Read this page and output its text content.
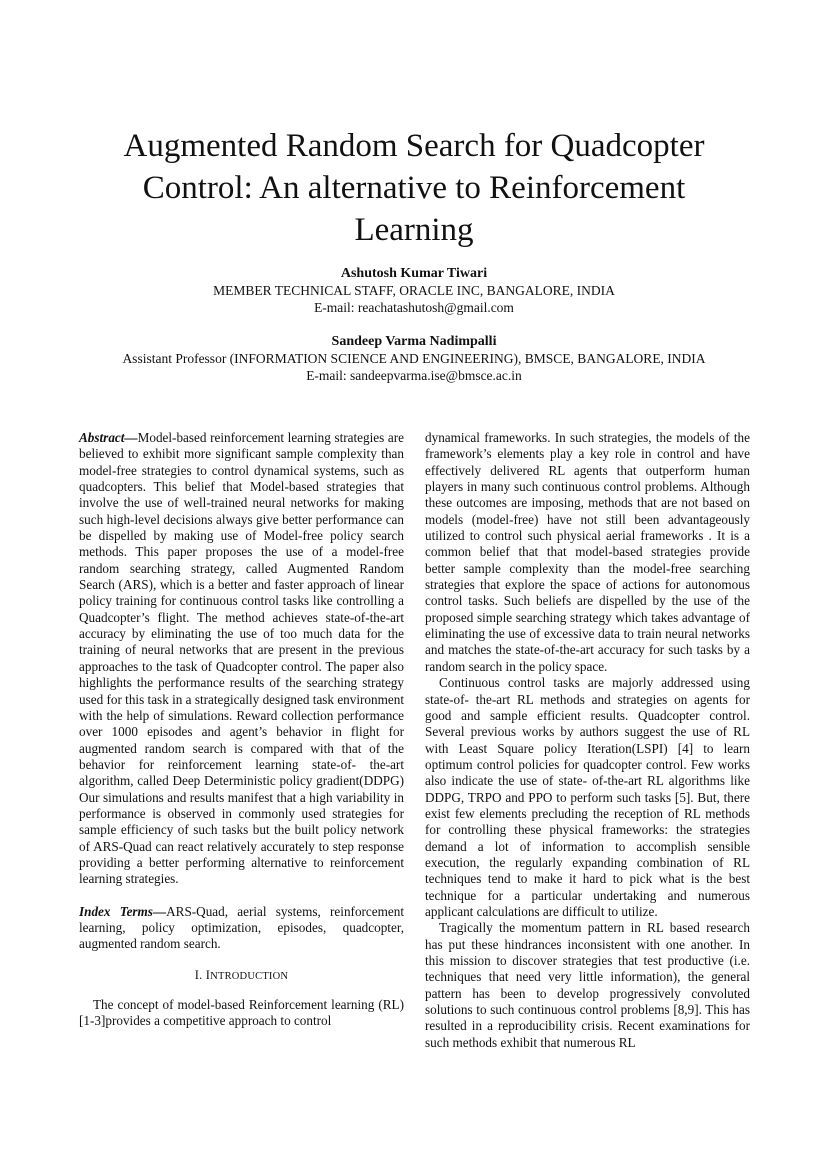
Augmented Random Search for Quadcopter
Control: An alternative to Reinforcement
Learning
Ashutosh Kumar Tiwari
MEMBER TECHNICAL STAFF, ORACLE INC, BANGALORE, INDIA
E-mail: reachatashutosh@gmail.com
Sandeep Varma Nadimpalli
Assistant Professor (INFORMATION SCIENCE AND ENGINEERING), BMSCE, BANGALORE, INDIA
E-mail: sandeepvarma.ise@bmsce.ac.in

Abstract—Model-based reinforcement learning strategies are believed to exhibit more significant sample complexity than model-free strategies to control dynamical systems, such as quadcopters. This belief that Model-based strategies that involve the use of well-trained neural networks for making such high-level decisions always give better performance can be dispelled by making use of Model-free policy search methods. This paper proposes the use of a model-free random searching strategy, called Augmented Random Search (ARS), which is a better and faster approach of linear policy training for continuous control tasks like controlling a Quadcopter’s flight. The method achieves state-of-the-art accuracy by eliminating the use of too much data for the training of neural networks that are present in the previous approaches to the task of Quadcopter control. The paper also highlights the performance results of the searching strategy used for this task in a strategically designed task environment with the help of simulations. Reward collection performance over 1000 episodes and agent’s behavior in flight for augmented random search is compared with that of the behavior for reinforcement learning state-of- the-art algorithm, called Deep Deterministic policy gradient(DDPG) Our simulations and results manifest that a high variability in performance is observed in commonly used strategies for sample efficiency of such tasks but the built policy network of ARS-Quad can react relatively accurately to step response providing a better performing alternative to reinforcement learning strategies.

Index Terms—ARS-Quad, aerial systems, reinforcement learning, policy optimization, episodes, quadcopter, augmented random search.

I. INTRODUCTION

The concept of model-based Reinforcement learning (RL) [1-3]provides a competitive approach to control

dynamical frameworks. In such strategies, the models of the framework’s elements play a key role in control and have effectively delivered RL agents that outperform human players in many such continuous control problems. Although these outcomes are imposing, methods that are not based on models (model-free) have not still been advantageously utilized to control such physical aerial frameworks . It is a common belief that that model-based strategies provide better sample complexity than the model-free searching strategies that explore the space of actions for autonomous control tasks. Such beliefs are dispelled by the use of the proposed simple searching strategy which takes advantage of eliminating the use of excessive data to train neural networks and matches the state-of-the-art accuracy for such tasks by a random search in the policy space.

Continuous control tasks are majorly addressed using state-of- the-art RL methods and strategies on agents for good and sample efficient results. Quadcopter control. Several previous works by authors suggest the use of RL with Least Square policy Iteration(LSPI) [4] to learn optimum control policies for quadcopter control. Few works also indicate the use of state- of-the-art RL algorithms like DDPG, TRPO and PPO to perform such tasks [5]. But, there exist few elements precluding the reception of RL methods for controlling these physical frameworks: the strategies demand a lot of information to accomplish sensible execution, the regularly expanding combination of RL techniques tend to make it hard to pick what is the best technique for a particular undertaking and numerous applicant calculations are difficult to utilize.

Tragically the momentum pattern in RL based research has put these hindrances inconsistent with one another. In this mission to discover strategies that test productive (i.e. techniques that need very little information), the general pattern has been to develop progressively convoluted solutions to such continuous control problems [8,9]. This has resulted in a reproducibility crisis. Recent examinations for such methods exhibit that numerous RL
